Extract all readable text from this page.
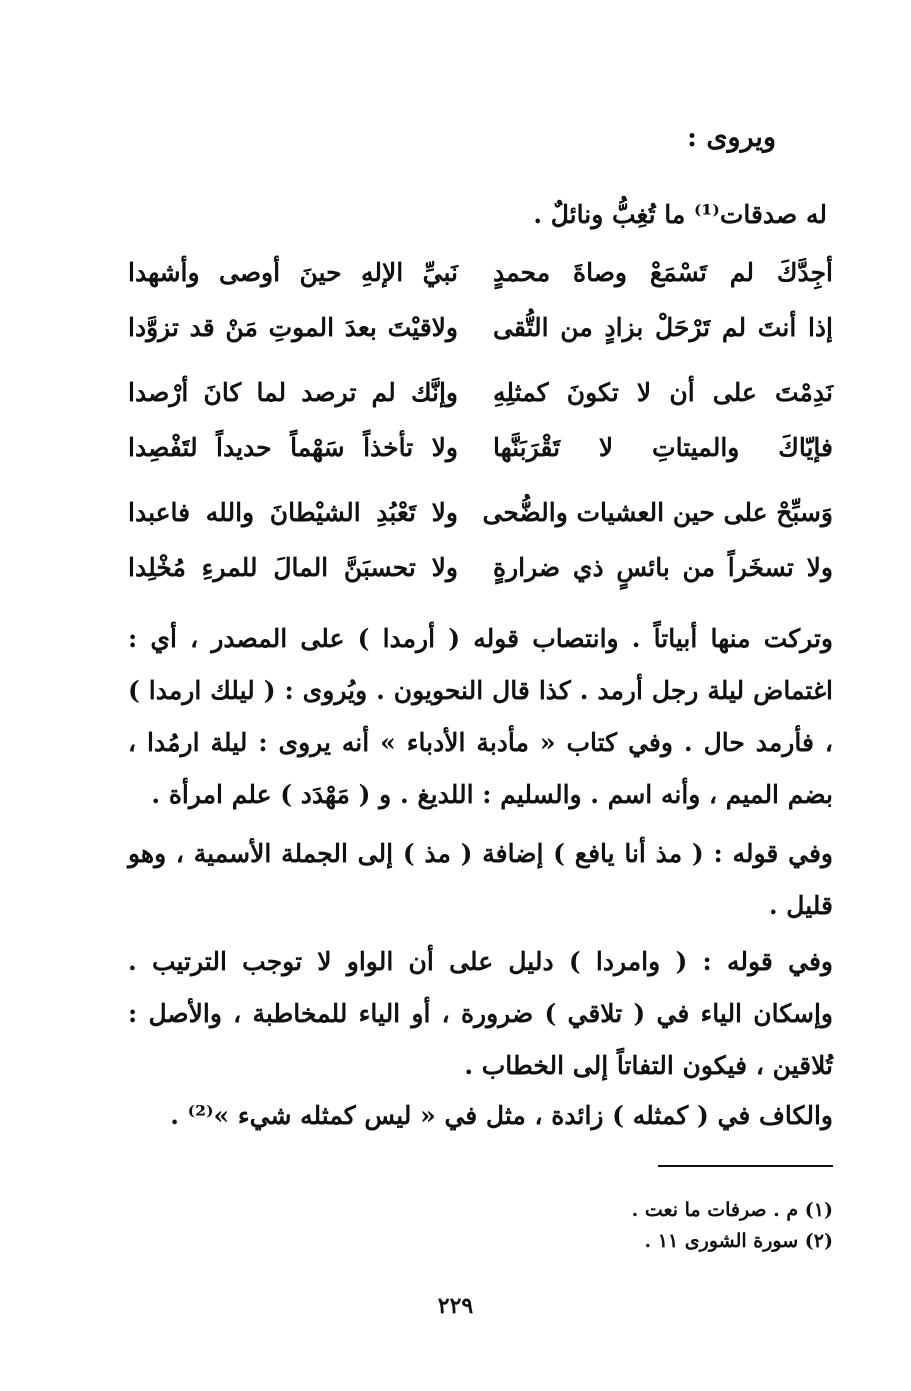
ويروى :
له صدقات⁽¹⁾ ما تُغِبُّ ونائلٌ .
أجِدَّكَ لم تَسْمَعْ وصاةَ محمدٍ
نَبيِّ الإلهِ حينَ أوصى وأشهدا
إذا أنتَ لم تَرْحَلْ بزادٍ من التُّقى
ولاقيْتَ بعدَ الموتِ مَنْ قد تزوَّدا
نَدِمْتَ على أن لا تكونَ كمثلِهِ
وإنَّك لم ترصد لما كانَ أرْصدا
فإيّاكَ والميتاتِ لا تَقْرَبَنَّها
ولا تأخذاً سَهْماً حديداً لتَفْصِدا
وَسبِّحْ على حين العشيات والضُّحى
ولا تَعْبُدِ الشيْطانَ والله فاعبدا
ولا تسخَراً من بائسٍ ذي ضرارةٍ
ولا تحسبَنَّ المالَ للمرءِ مُخْلِدا

وتركت منها أبياتاً . وانتصاب قوله ( أرمدا ) على المصدر ، أي : اغتماض ليلة رجل أرمد . كذا قال النحويون . ويُروى : ( ليلك ارمدا ) ، فأرمد حال . وفي كتاب « مأدبة الأدباء » أنه يروى : ليلة ارمُدا ، بضم الميم ، وأنه اسم . والسليم : اللديغ . و ( مَهْدَد ) علم امرأة .

وفي قوله : ( مذ أنا يافع ) إضافة ( مذ ) إلى الجملة الأسمية ، وهو قليل .

وفي قوله : ( وامردا ) دليل على أن الواو لا توجب الترتيب . وإسكان الياء في ( تلاقي ) ضرورة ، أو الياء للمخاطبة ، والأصل : تُلاقين ، فيكون التفاتاً إلى الخطاب .

والكاف في ( كمثله ) زائدة ، مثل في « ليس كمثله شيء »⁽²⁾ .

(١) م . صرفات ما نعت .
(٢) سورة الشورى ١١ .
٢٢٩
